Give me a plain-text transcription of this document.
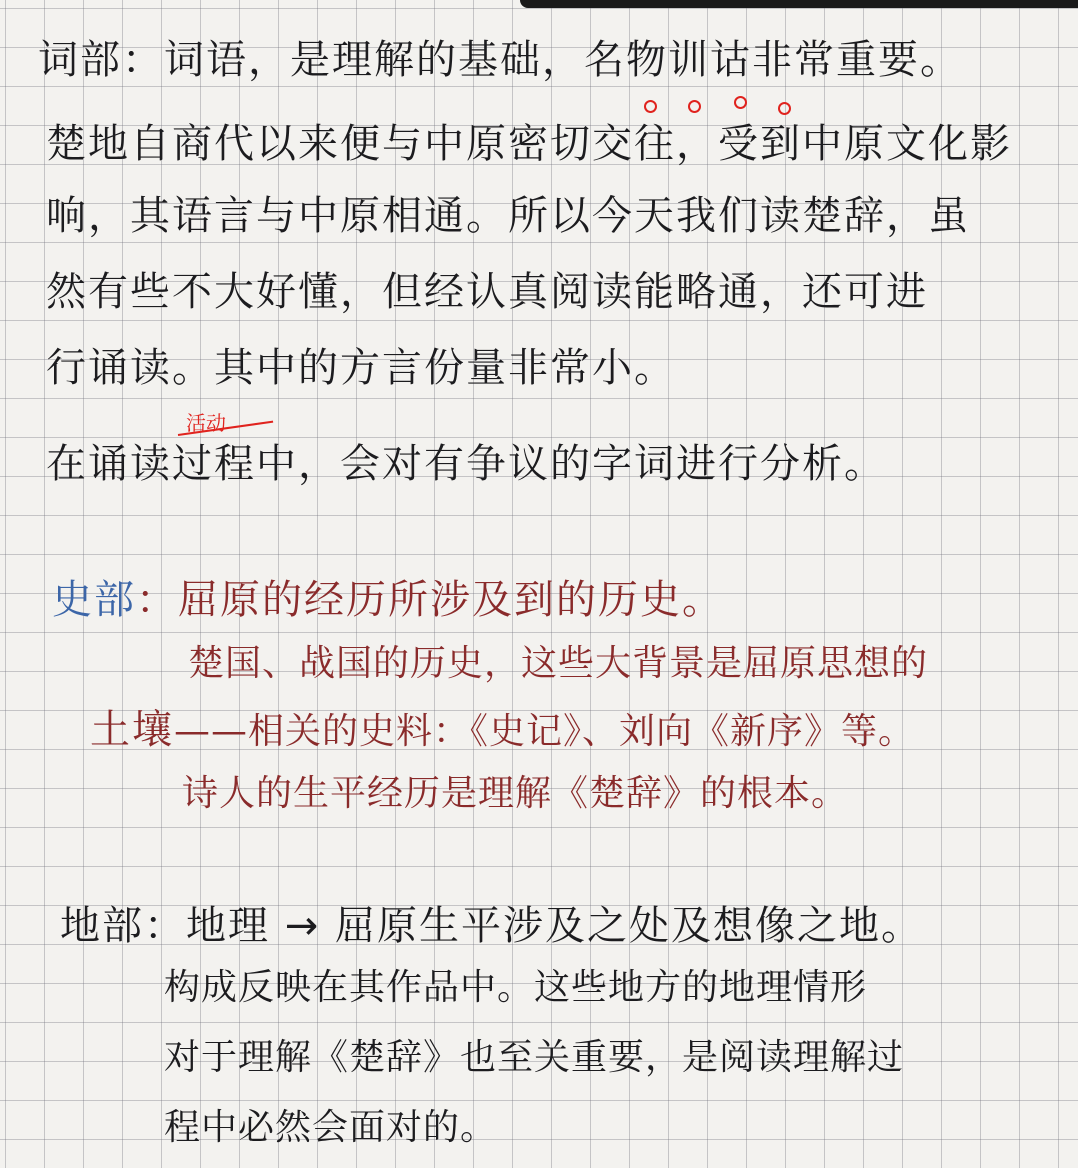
词部：词语，是理解的基础，名物训诂非常重要。
楚地自商代以来便与中原密切交往，受到中原文化影
响，其语言与中原相通。所以今天我们读楚辞，虽
然有些不大好懂，但经认真阅读能略通，还可进
行诵读。其中的方言份量非常小。
活动
在诵读过程中，会对有争议的字词进行分析。
史部：屈原的经历所涉及到的历史。
楚国、战国的历史，这些大背景是屈原思想的
土壤——相关的史料：《史记》、刘向《新序》等。
诗人的生平经历是理解《楚辞》的根本。
地部：地理 → 屈原生平涉及之处及想像之地。
构成反映在其作品中。这些地方的地理情形
对于理解《楚辞》也至关重要，是阅读理解过
程中必然会面对的。
